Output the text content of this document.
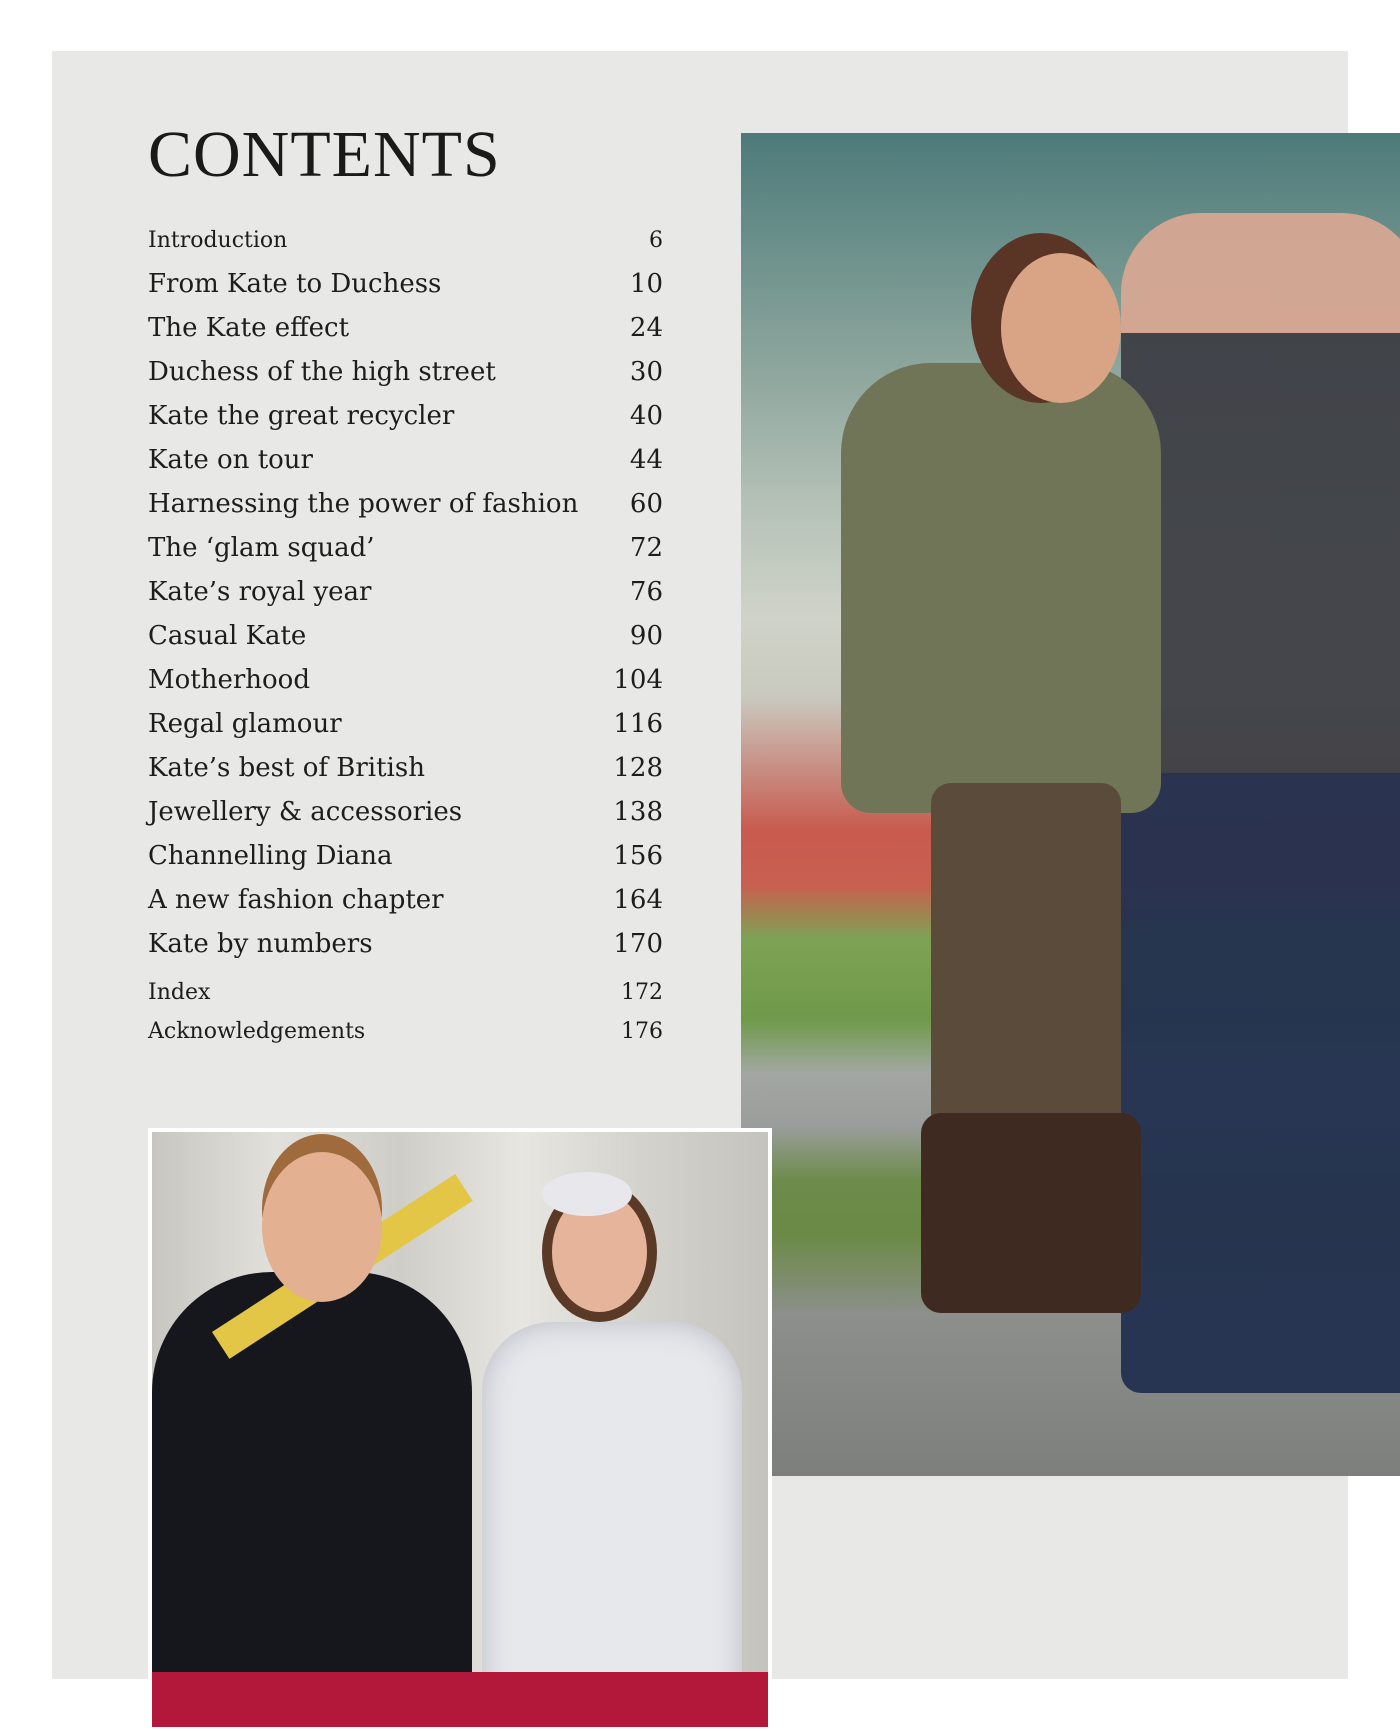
CONTENTS
Introduction	6
From Kate to Duchess	10
The Kate effect	24
Duchess of the high street	30
Kate the great recycler	40
Kate on tour	44
Harnessing the power of fashion 60
The ‘glam squad’	72
Kate’s royal year	76
Casual Kate	90
Motherhood	104
Regal glamour	116
Kate’s best of British	128
Jewellery & accessories	138
Channelling Diana	156
A new fashion chapter	164
Kate by numbers	170
Index	172
Acknowledgements	176
